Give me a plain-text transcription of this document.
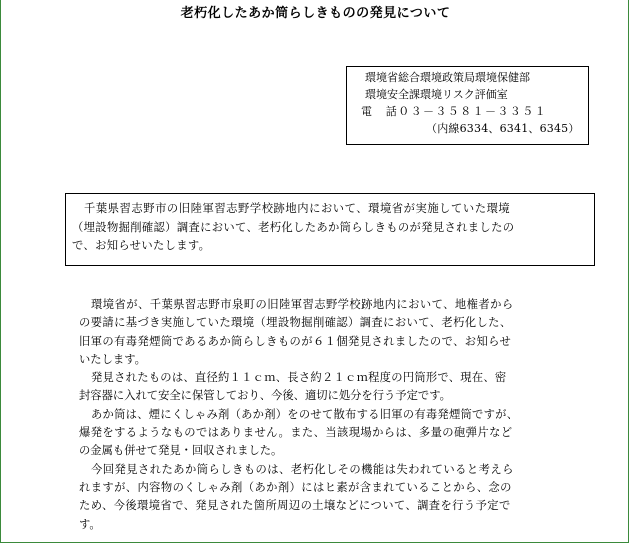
老朽化したあか筒らしきものの発見について
環境省総合環境政策局環境保健部
環境安全課環境リスク評価室
電　話０３－３５８１－３３５１
（内線6334、6341、6345）
千葉県習志野市の旧陸軍習志野学校跡地内において、環境省が実施していた環境
（埋設物掘削確認）調査において、老朽化したあか筒らしきものが発見されましたの
で、お知らせいたします。
環境省が、千葉県習志野市泉町の旧陸軍習志野学校跡地内において、地権者から
の要請に基づき実施していた環境（埋設物掘削確認）調査において、老朽化した、
旧軍の有毒発煙筒であるあか筒らしきものが６１個発見されましたので、お知らせ
いたします。
発見されたものは、直径約１１ｃｍ、長さ約２１ｃｍ程度の円筒形で、現在、密
封容器に入れて安全に保管しており、今後、適切に処分を行う予定です。
あか筒は、煙にくしゃみ剤（あか剤）をのせて散布する旧軍の有毒発煙筒ですが、
爆発をするようなものではありません。また、当該現場からは、多量の砲弾片など
の金属も併せて発見・回収されました。
今回発見されたあか筒らしきものは、老朽化しその機能は失われていると考えら
れますが、内容物のくしゃみ剤（あか剤）にはヒ素が含まれていることから、念の
ため、今後環境省で、発見された箇所周辺の土壌などについて、調査を行う予定で
す。
